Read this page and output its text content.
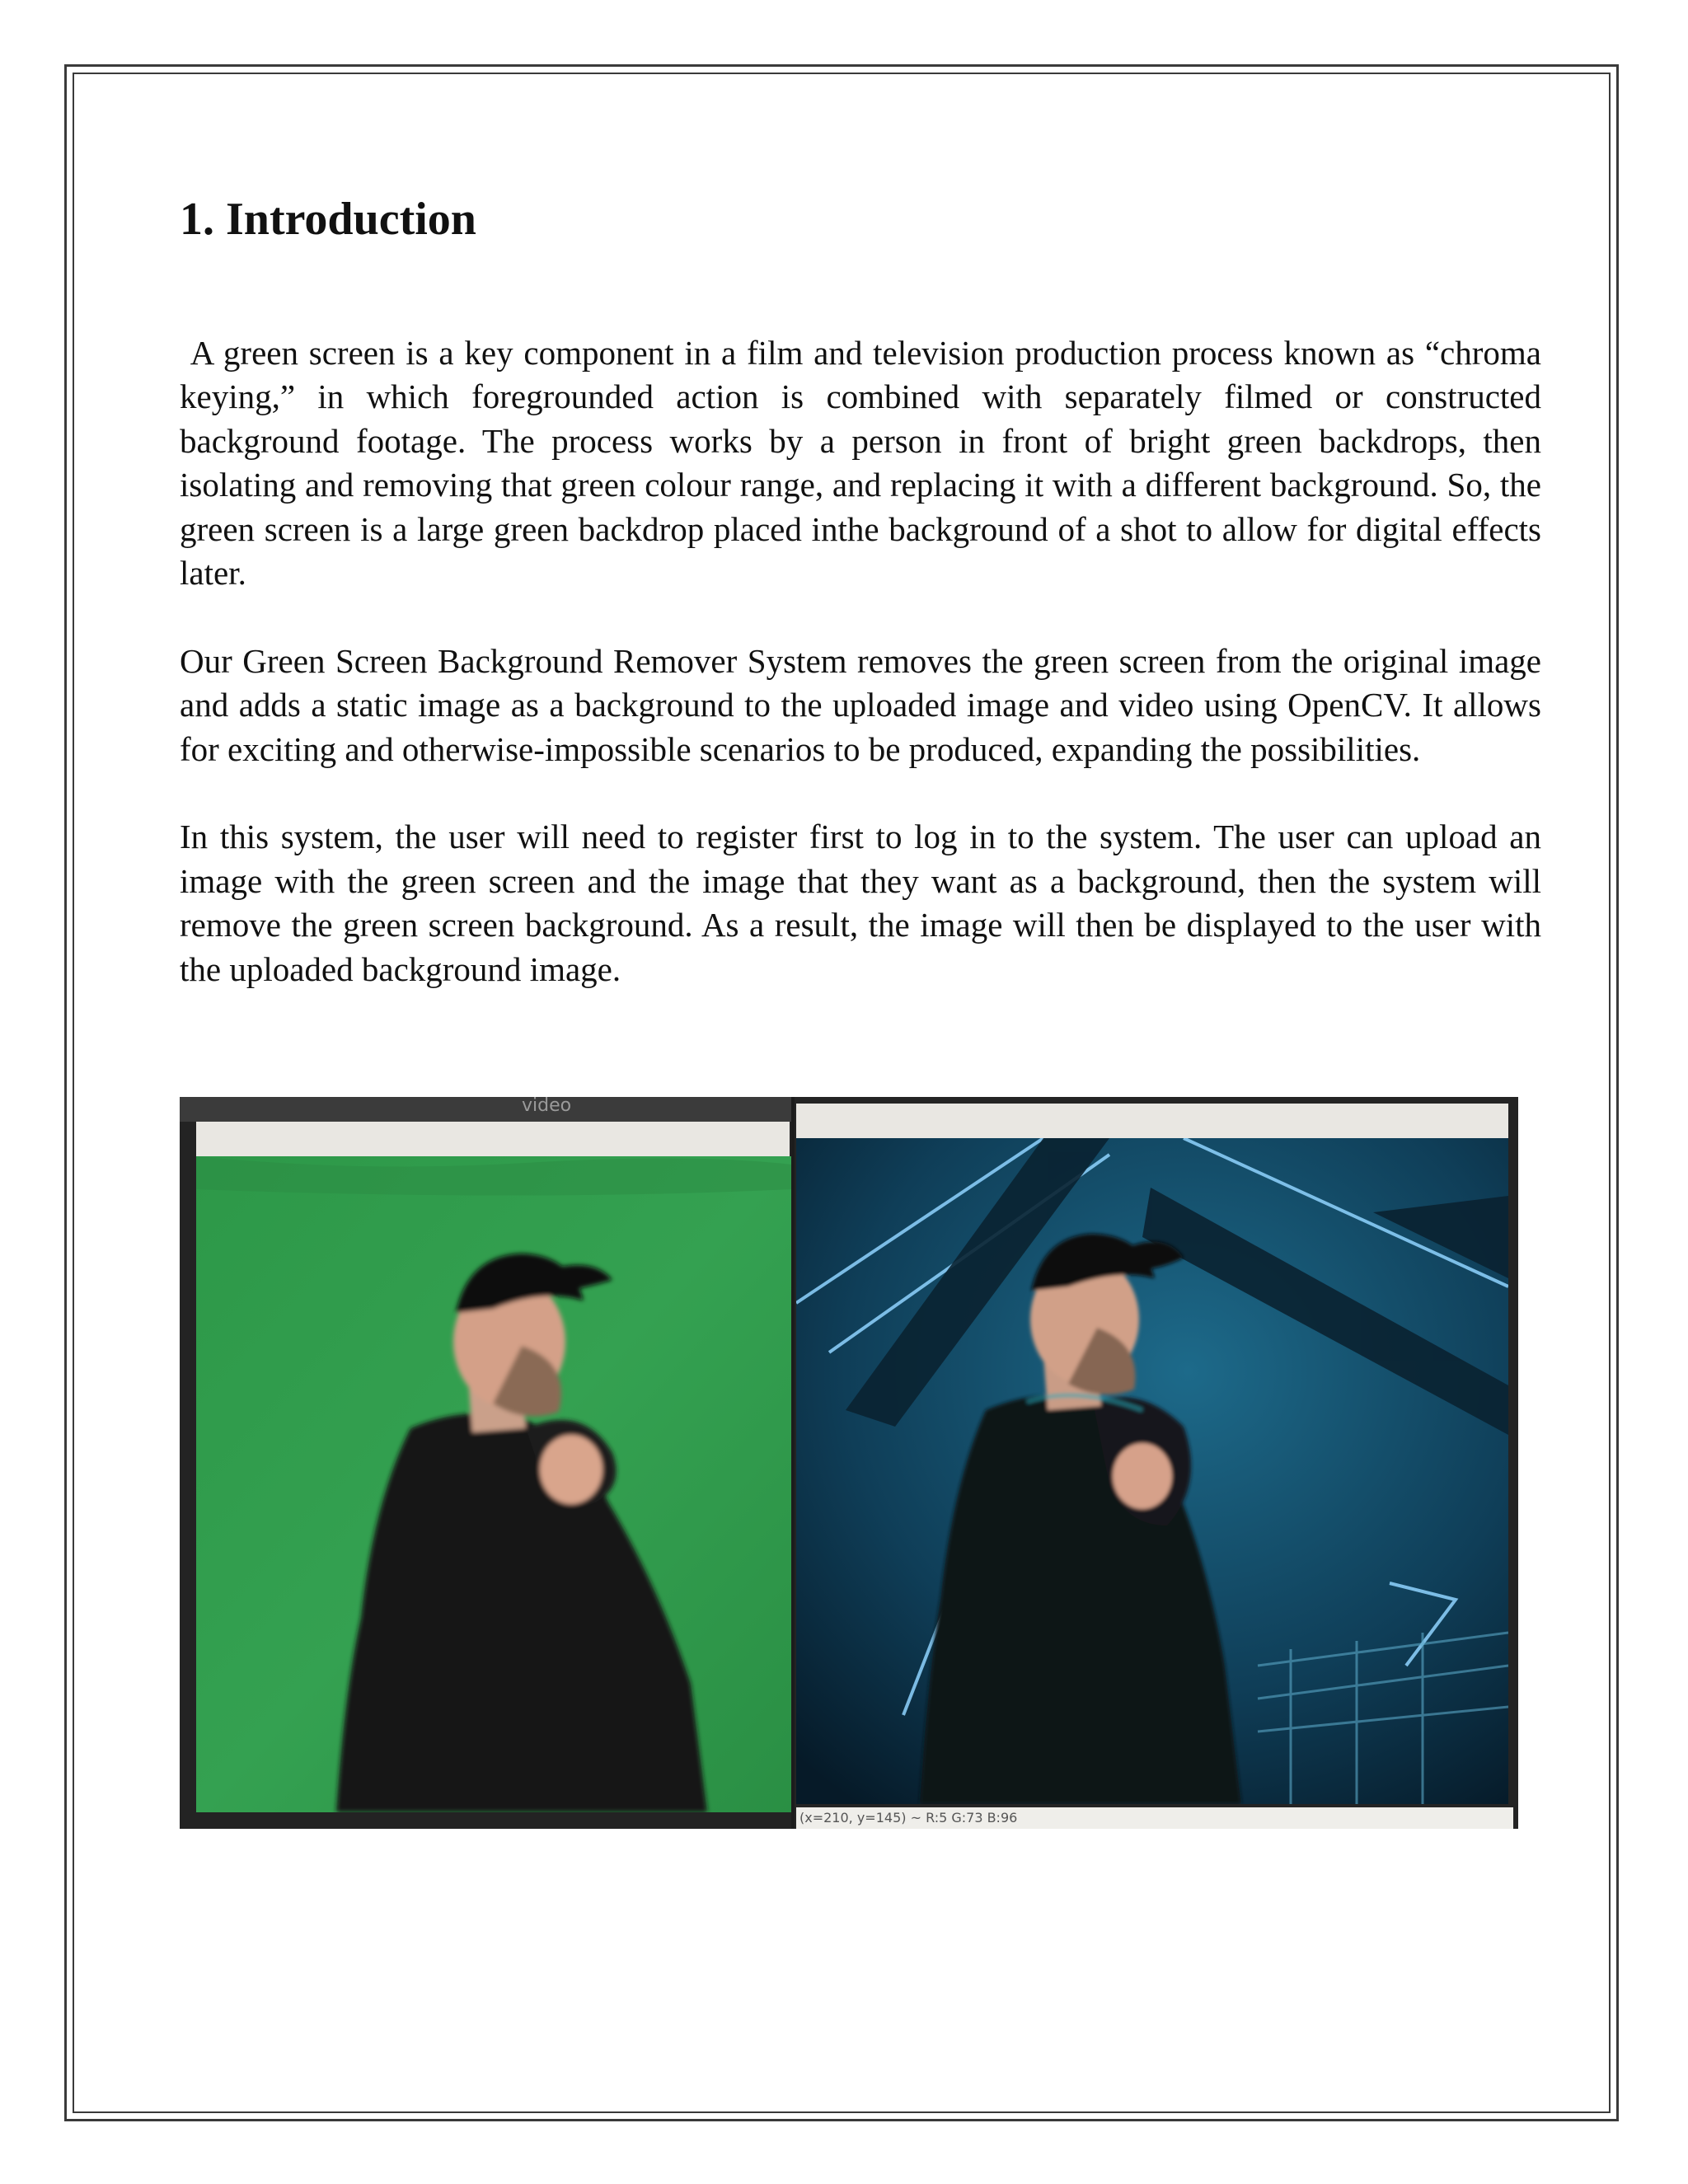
1. Introduction

A green screen is a key component in a film and television production process known as “chroma keying,” in which foregrounded action is combined with separately filmed or constructed background footage. The process works by a person in front of bright green backdrops, then isolating and removing that green colour range, and replacing it with a different background. So, the green screen is a large green backdrop placed inthe background of a shot to allow for digital effects later.

Our Green Screen Background Remover System removes the green screen from the original image and adds a static image as a background to the uploaded image and video using OpenCV. It allows for exciting and otherwise-impossible scenarios to be produced, expanding the possibilities.

In this system, the user will need to register first to log in to the system. The user can upload an image with the green screen and the image that they want as a background, then the system will remove the green screen background. As a result, the image will then be displayed to the user with the uploaded background image.

video
(x=210, y=145) ~ R:5 G:73 B:96
